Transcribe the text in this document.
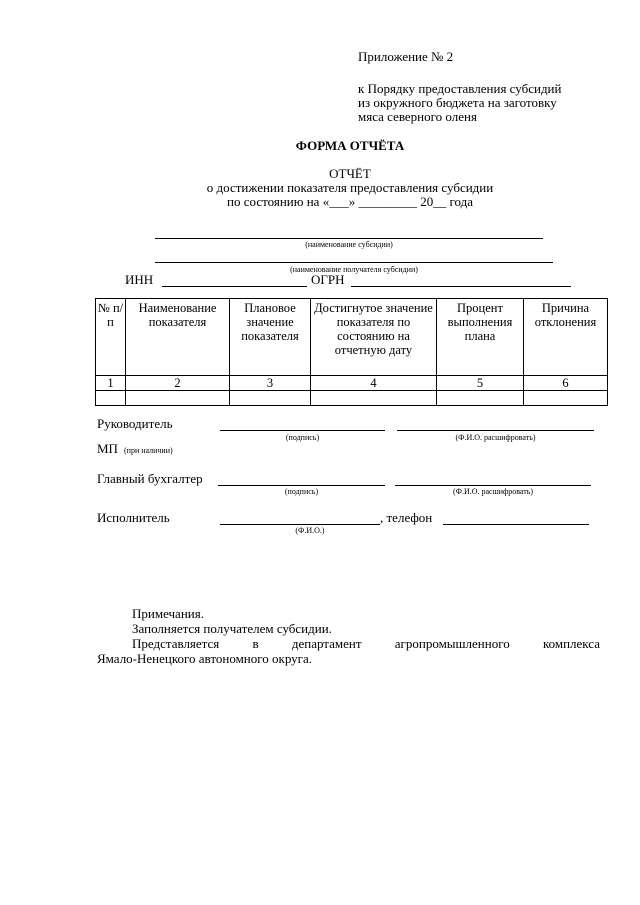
Приложение № 2
к Порядку предоставления субсидий
из окружного бюджета на заготовку
мяса северного оленя
ФОРМА ОТЧЁТА
ОТЧЁТ
о достижении показателя предоставления субсидии
по состоянию на «___» _________ 20__ года
(наименование субсидии)
(наименование получателя субсидии)
ИНН	ОГРН
№ п/п	Наименование показателя	Плановое значение показателя	Достигнутое значение показателя по состоянию на отчетную дату	Процент выполнения плана	Причина отклонения
1	2	3	4	5	6

Руководитель
(подпись)	(Ф.И.О. расшифровать)
МП (при наличии)
Главный бухгалтер
(подпись)	(Ф.И.О. расшифровать)
Исполнитель
(Ф.И.О.)
, телефон
Примечания.
Заполняется получателем субсидии.
Представляется	в	департамент	агропромышленного	комплекса
Ямало-Ненецкого автономного округа.
